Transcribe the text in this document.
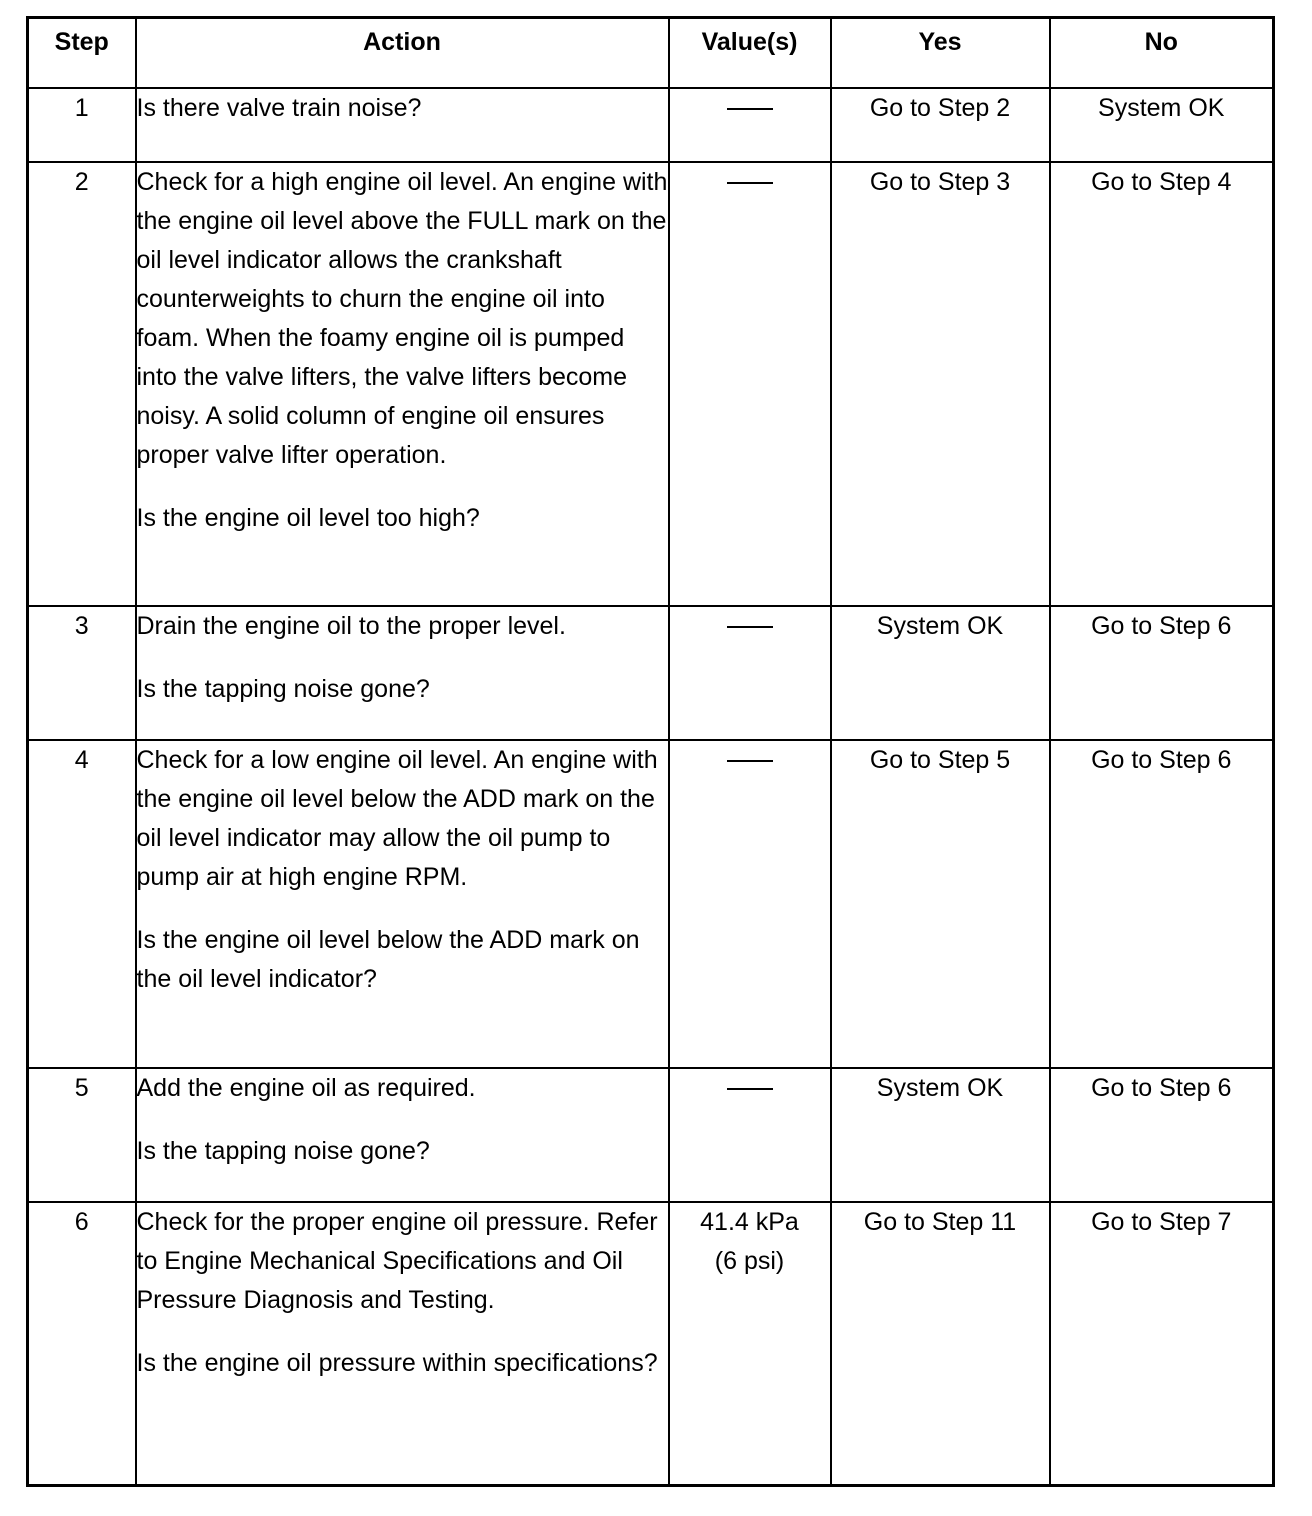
Step	Action	Value(s)	Yes	No
1	Is there valve train noise?		Go to Step 2	System OK
2	Check for a high engine oil level. An engine with the engine oil level above the FULL mark on the oil level indicator allows the crankshaft counterweights to churn the engine oil into foam. When the foamy engine oil is pumped into the valve lifters, the valve lifters become noisy. A solid column of engine oil ensures proper valve lifter operation.

Is the engine oil level too high?		Go to Step 3	Go to Step 4
3	Drain the engine oil to the proper level.

Is the tapping noise gone?		System OK	Go to Step 6
4	Check for a low engine oil level. An engine with the engine oil level below the ADD mark on the oil level indicator may allow the oil pump to pump air at high engine RPM.

Is the engine oil level below the ADD mark on the oil level indicator?		Go to Step 5	Go to Step 6
5	Add the engine oil as required.

Is the tapping noise gone?		System OK	Go to Step 6
6	Check for the proper engine oil pressure. Refer to Engine Mechanical Specifications and Oil Pressure Diagnosis and Testing.

Is the engine oil pressure within specifications?	41.4 kPa (6 psi)	Go to Step 11	Go to Step 7
